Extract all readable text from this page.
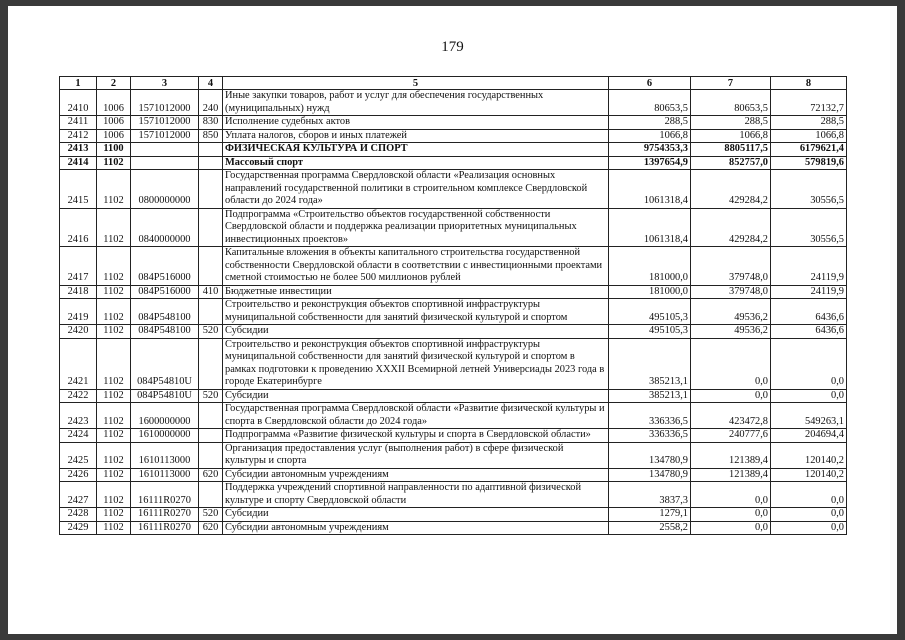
179
1	2	3	4	5	6	7	8
2410	1006	1571012000	240	Иные закупки товаров, работ и услуг для обеспечения государственных (муниципальных) нужд	80653,5	80653,5	72132,7
2411	1006	1571012000	830	Исполнение судебных актов	288,5	288,5	288,5
2412	1006	1571012000	850	Уплата налогов, сборов и иных платежей	1066,8	1066,8	1066,8
2413	1100			ФИЗИЧЕСКАЯ КУЛЬТУРА И СПОРТ	9754353,3	8805117,5	6179621,4
2414	1102			Массовый спорт	1397654,9	852757,0	579819,6
2415	1102	0800000000		Государственная программа Свердловской области «Реализация основных направлений государственной политики в строительном комплексе Свердловской области до 2024 года»	1061318,4	429284,2	30556,5
2416	1102	0840000000		Подпрограмма «Строительство объектов государственной собственности Свердловской области и поддержка реализации приоритетных муниципальных инвестиционных проектов»	1061318,4	429284,2	30556,5
2417	1102	084P516000		Капитальные вложения в объекты капитального строительства государственной собственности Свердловской области в соответствии с инвестиционными проектами сметной стоимостью не более 500 миллионов рублей	181000,0	379748,0	24119,9
2418	1102	084P516000	410	Бюджетные инвестиции	181000,0	379748,0	24119,9
2419	1102	084P548100		Строительство и реконструкция объектов спортивной инфраструктуры муниципальной собственности для занятий физической культурой и спортом	495105,3	49536,2	6436,6
2420	1102	084P548100	520	Субсидии	495105,3	49536,2	6436,6
2421	1102	084P54810U		Строительство и реконструкция объектов спортивной инфраструктуры муниципальной собственности для занятий физической культурой и спортом в рамках подготовки к проведению XXXII Всемирной летней Универсиады 2023 года в городе Екатеринбурге	385213,1	0,0	0,0
2422	1102	084P54810U	520	Субсидии	385213,1	0,0	0,0
2423	1102	1600000000		Государственная программа Свердловской области «Развитие физической культуры и спорта в Свердловской области до 2024 года»	336336,5	423472,8	549263,1
2424	1102	1610000000		Подпрограмма «Развитие физической культуры и спорта в Свердловской области»	336336,5	240777,6	204694,4
2425	1102	1610113000		Организация предоставления услуг (выполнения работ) в сфере физической культуры и спорта	134780,9	121389,4	120140,2
2426	1102	1610113000	620	Субсидии автономным учреждениям	134780,9	121389,4	120140,2
2427	1102	16111R0270		Поддержка учреждений спортивной направленности по адаптивной физической культуре и спорту Свердловской области	3837,3	0,0	0,0
2428	1102	16111R0270	520	Субсидии	1279,1	0,0	0,0
2429	1102	16111R0270	620	Субсидии автономным учреждениям	2558,2	0,0	0,0
